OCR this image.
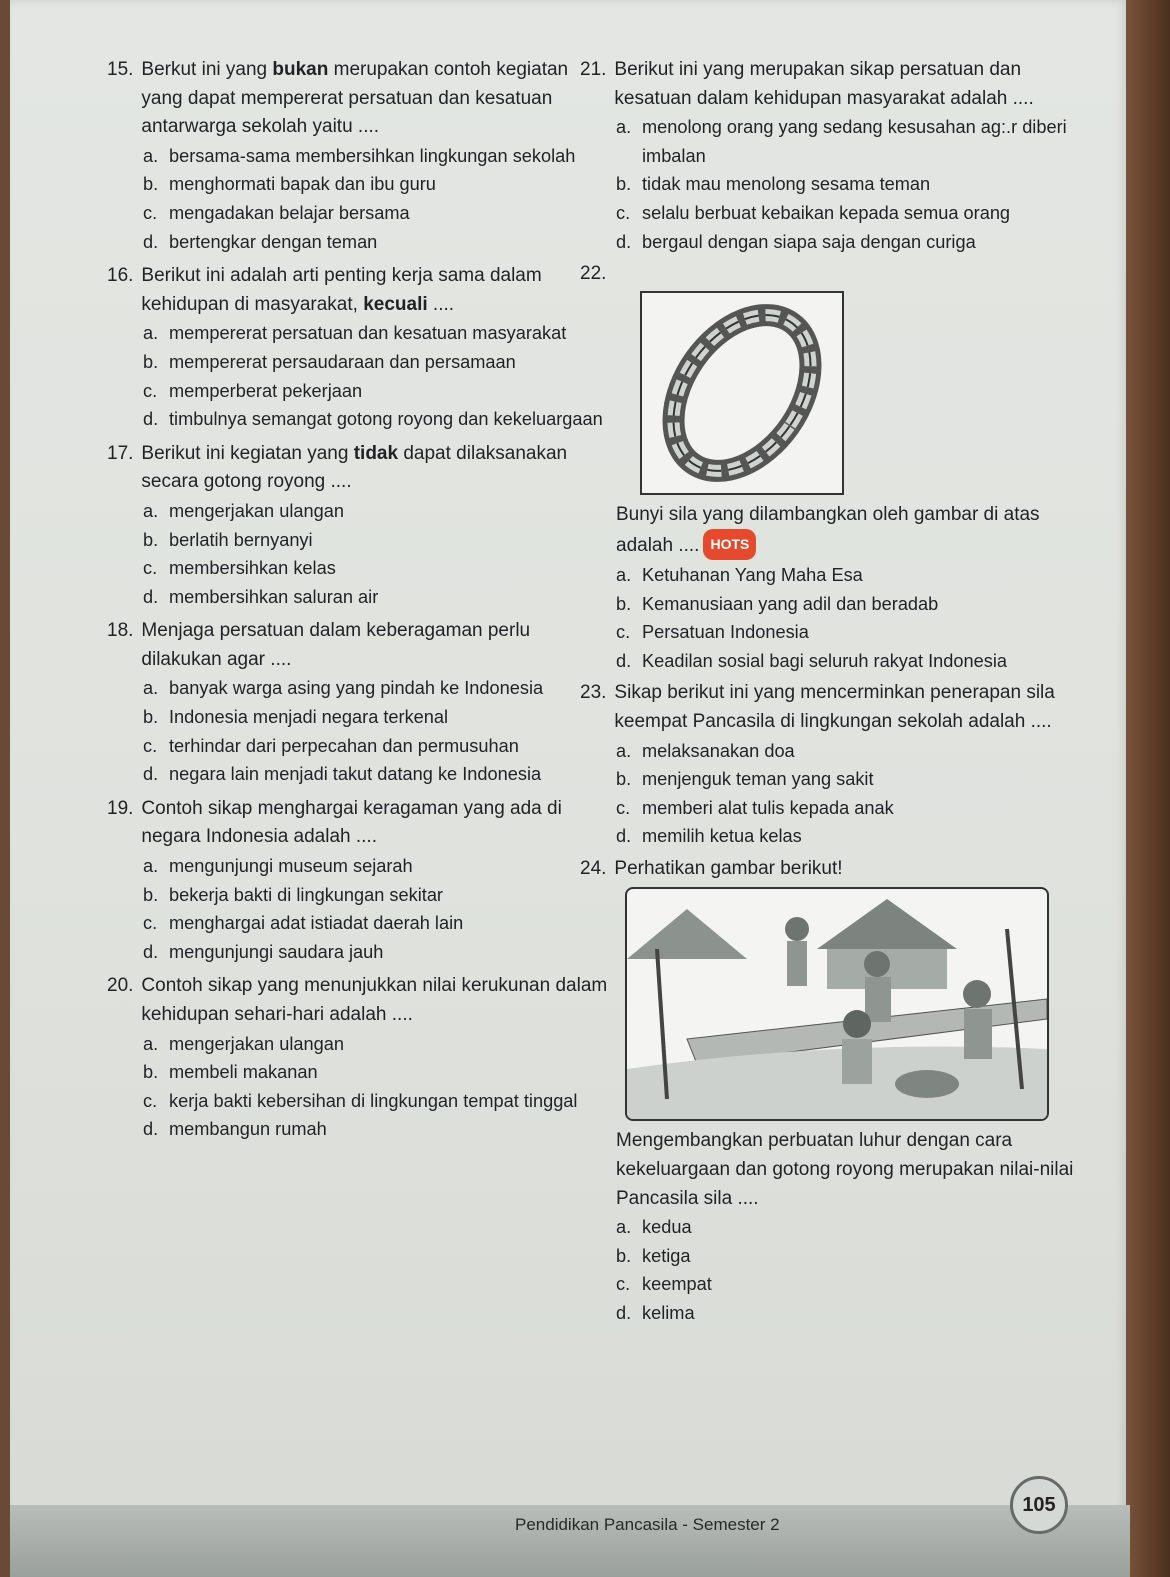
15. Berkut ini yang bukan merupakan contoh kegiatan yang dapat mempererat persatuan dan kesatuan antarwarga sekolah yaitu ....
a. bersama-sama membersihkan lingkungan sekolah
b. menghormati bapak dan ibu guru
c. mengadakan belajar bersama
d. bertengkar dengan teman
16. Berikut ini adalah arti penting kerja sama dalam kehidupan di masyarakat, kecuali ....
a. mempererat persatuan dan kesatuan masyarakat
b. mempererat persaudaraan dan persamaan
c. memperberat pekerjaan
d. timbulnya semangat gotong royong dan kekeluargaan
17. Berikut ini kegiatan yang tidak dapat dilaksanakan secara gotong royong ....
a. mengerjakan ulangan
b. berlatih bernyanyi
c. membersihkan kelas
d. membersihkan saluran air
18. Menjaga persatuan dalam keberagaman perlu dilakukan agar ....
a. banyak warga asing yang pindah ke Indonesia
b. Indonesia menjadi negara terkenal
c. terhindar dari perpecahan dan permusuhan
d. negara lain menjadi takut datang ke Indonesia
19. Contoh sikap menghargai keragaman yang ada di negara Indonesia adalah ....
a. mengunjungi museum sejarah
b. bekerja bakti di lingkungan sekitar
c. menghargai adat istiadat daerah lain
d. mengunjungi saudara jauh
20. Contoh sikap yang menunjukkan nilai kerukunan dalam kehidupan sehari-hari adalah ....
a. mengerjakan ulangan
b. membeli makanan
c. kerja bakti kebersihan di lingkungan tempat tinggal
d. membangun rumah
21. Berikut ini yang merupakan sikap persatuan dan kesatuan dalam kehidupan masyarakat adalah ....
a. menolong orang yang sedang kesusahan ag:.r diberi imbalan
b. tidak mau menolong sesama teman
c. selalu berbuat kebaikan kepada semua orang
d. bergaul dengan siapa saja dengan curiga
22.
Bunyi sila yang dilambangkan oleh gambar di atas adalah .... HOTS
a. Ketuhanan Yang Maha Esa
b. Kemanusiaan yang adil dan beradab
c. Persatuan Indonesia
d. Keadilan sosial bagi seluruh rakyat Indonesia
23. Sikap berikut ini yang mencerminkan penerapan sila keempat Pancasila di lingkungan sekolah adalah ....
a. melaksanakan doa
b. menjenguk teman yang sakit
c. memberi alat tulis kepada anak
d. memilih ketua kelas
24. Perhatikan gambar berikut!
Mengembangkan perbuatan luhur dengan cara kekeluargaan dan gotong royong merupakan nilai-nilai Pancasila sila ....
a. kedua
b. ketiga
c. keempat
d. kelima
Pendidikan Pancasila - Semester 2
105
